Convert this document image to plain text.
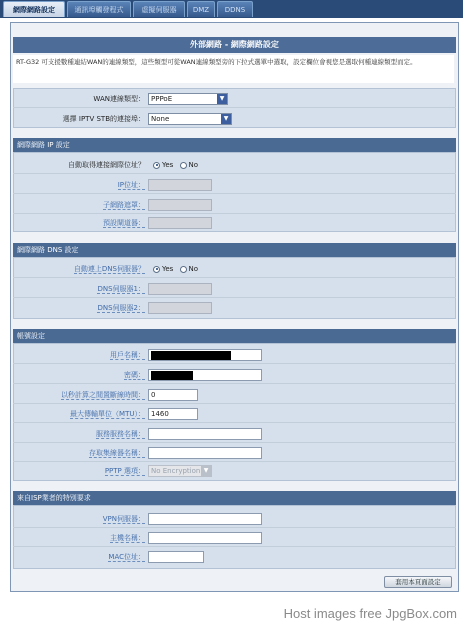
網際網路設定	通訊埠觸發程式	虛擬伺服器	DMZ	DDNS
外部網路 - 網際網路設定
RT-G32 可支援數種連結WAN的連線類型，這些類型可從WAN連線類型旁的下拉式選單中選取，設定欄位會視您是選取何種連線類型而定。
WAN連線類型： PPPoE	▼
選擇 IPTV STB的連接埠： None	▼
網際網路 IP 設定
自動取得連接網際位址？	Yes No
IP位址：
子網路遮罩：
預設閘道器：
網際網路 DNS 設定
自動連上DNS伺服器？	Yes No
DNS伺服器1：
DNS伺服器2：
帳號設定
用戶名稱：
密碼：
以秒計算之閒置斷線時間： 0
最大傳輸單位（MTU）： 1460
服務服務名稱：
存取集線器名稱：
PPTP 選項： No Encryption ▼
來自ISP業者的特別要求
VPN伺服器：
主機名稱：
MAC位址：
套用本頁面設定
Host images free JpgBox.com
